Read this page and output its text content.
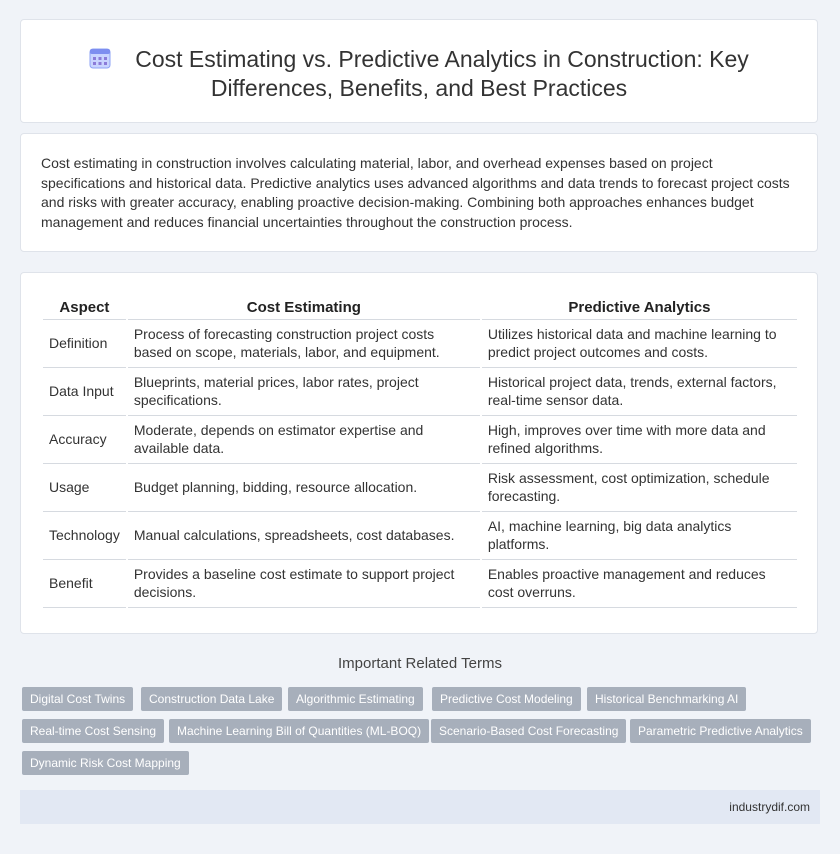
Cost Estimating vs. Predictive Analytics in Construction: Key
Differences, Benefits, and Best Practices
Cost estimating in construction involves calculating material, labor, and overhead expenses based on project specifications and historical data. Predictive analytics uses advanced algorithms and data trends to forecast project costs and risks with greater accuracy, enabling proactive decision-making. Combining both approaches enhances budget management and reduces financial uncertainties throughout the construction process.
Aspect	Cost Estimating	Predictive Analytics
Definition	Process of forecasting construction project costs based on scope, materials, labor, and equipment.	Utilizes historical data and machine learning to predict project outcomes and costs.
Data Input	Blueprints, material prices, labor rates, project specifications.	Historical project data, trends, external factors, real-time sensor data.
Accuracy	Moderate, depends on estimator expertise and available data.	High, improves over time with more data and refined algorithms.
Usage	Budget planning, bidding, resource allocation.	Risk assessment, cost optimization, schedule forecasting.
Technology	Manual calculations, spreadsheets, cost databases.	AI, machine learning, big data analytics platforms.
Benefit	Provides a baseline cost estimate to support project decisions.	Enables proactive management and reduces cost overruns.
Important Related Terms
Digital Cost Twins	Construction Data Lake	Algorithmic Estimating	Predictive Cost Modeling	Historical Benchmarking AI
Real-time Cost Sensing	Machine Learning Bill of Quantities (ML-BOQ)	Scenario-Based Cost Forecasting	Parametric Predictive Analytics
Dynamic Risk Cost Mapping
industrydif.com
